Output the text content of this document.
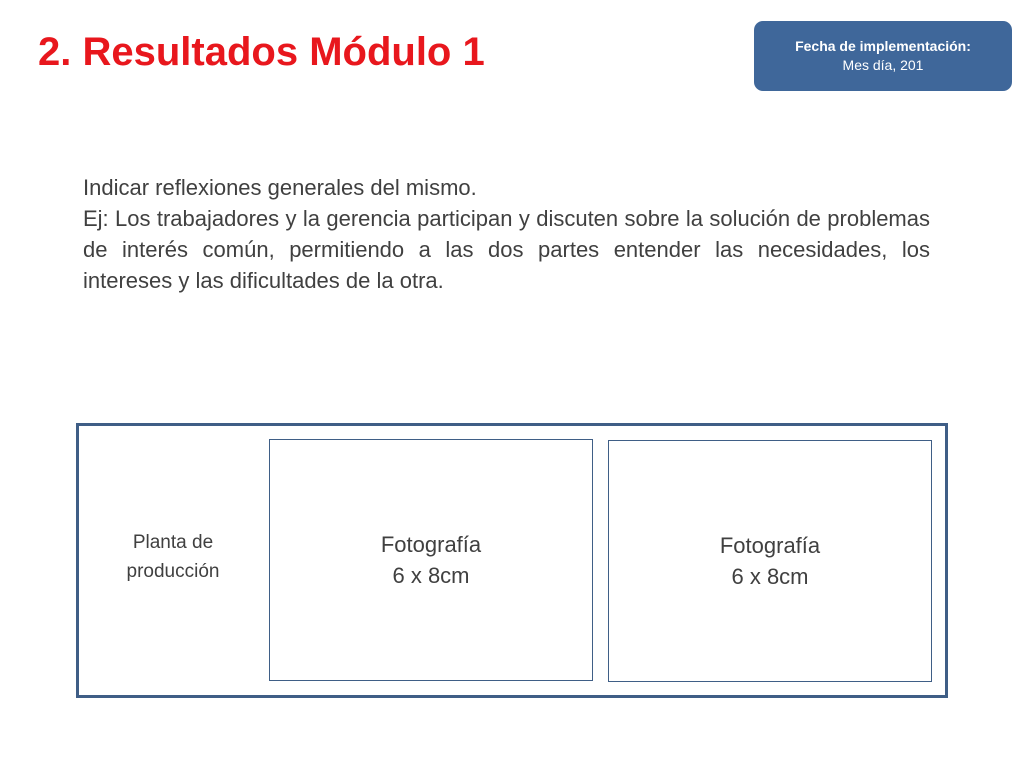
2. Resultados Módulo 1	Fecha de implementación:
Mes día, 201
Indicar reflexiones generales del mismo.
Ej: Los trabajadores y la gerencia participan y discuten sobre la solución de problemas de interés común, permitiendo a las dos partes entender las necesidades, los intereses y las dificultades de la otra.
Planta de
producción
Fotografía
6 x 8cm
Fotografía
6 x 8cm
